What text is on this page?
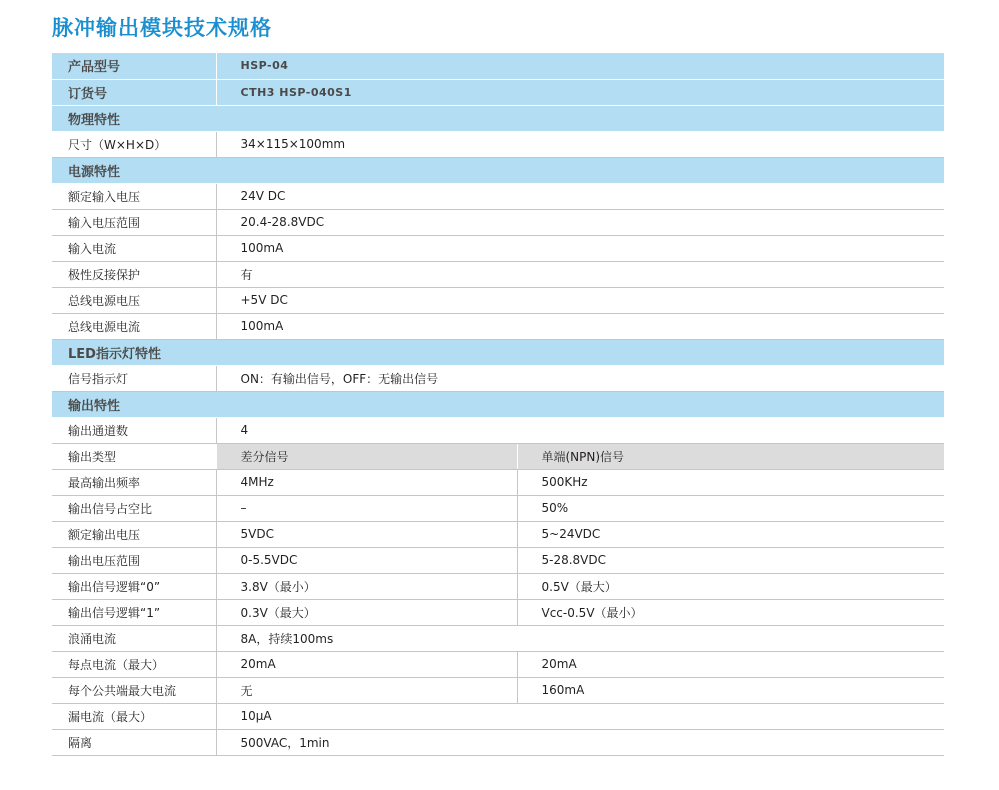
脉冲输出模块技术规格
产品型号	HSP-04	
订货号	CTH3 HSP-040S1	
物理特性		
尺寸（W×H×D）	34×115×100mm	
电源特性		
额定输入电压	24V DC	
输入电压范围	20.4-28.8VDC	
输入电流	100mA	
极性反接保护	有	
总线电源电压	+5V DC	
总线电源电流	100mA	
LED指示灯特性		
信号指示灯	ON：有输出信号，OFF：无输出信号	
输出特性		
输出通道数	4	
输出类型	差分信号	单端(NPN)信号
最高输出频率	4MHz	500KHz
输出信号占空比	–	50%
额定输出电压	5VDC	5~24VDC
输出电压范围	0-5.5VDC	5-28.8VDC
输出信号逻辑“0”	3.8V（最小）	0.5V（最大）
输出信号逻辑“1”	0.3V（最大）	Vcc-0.5V（最小）
浪涌电流	8A，持续100ms	
每点电流（最大）	20mA	20mA
每个公共端最大电流	无	160mA
漏电流（最大）	10μA	
隔离	500VAC，1min	
